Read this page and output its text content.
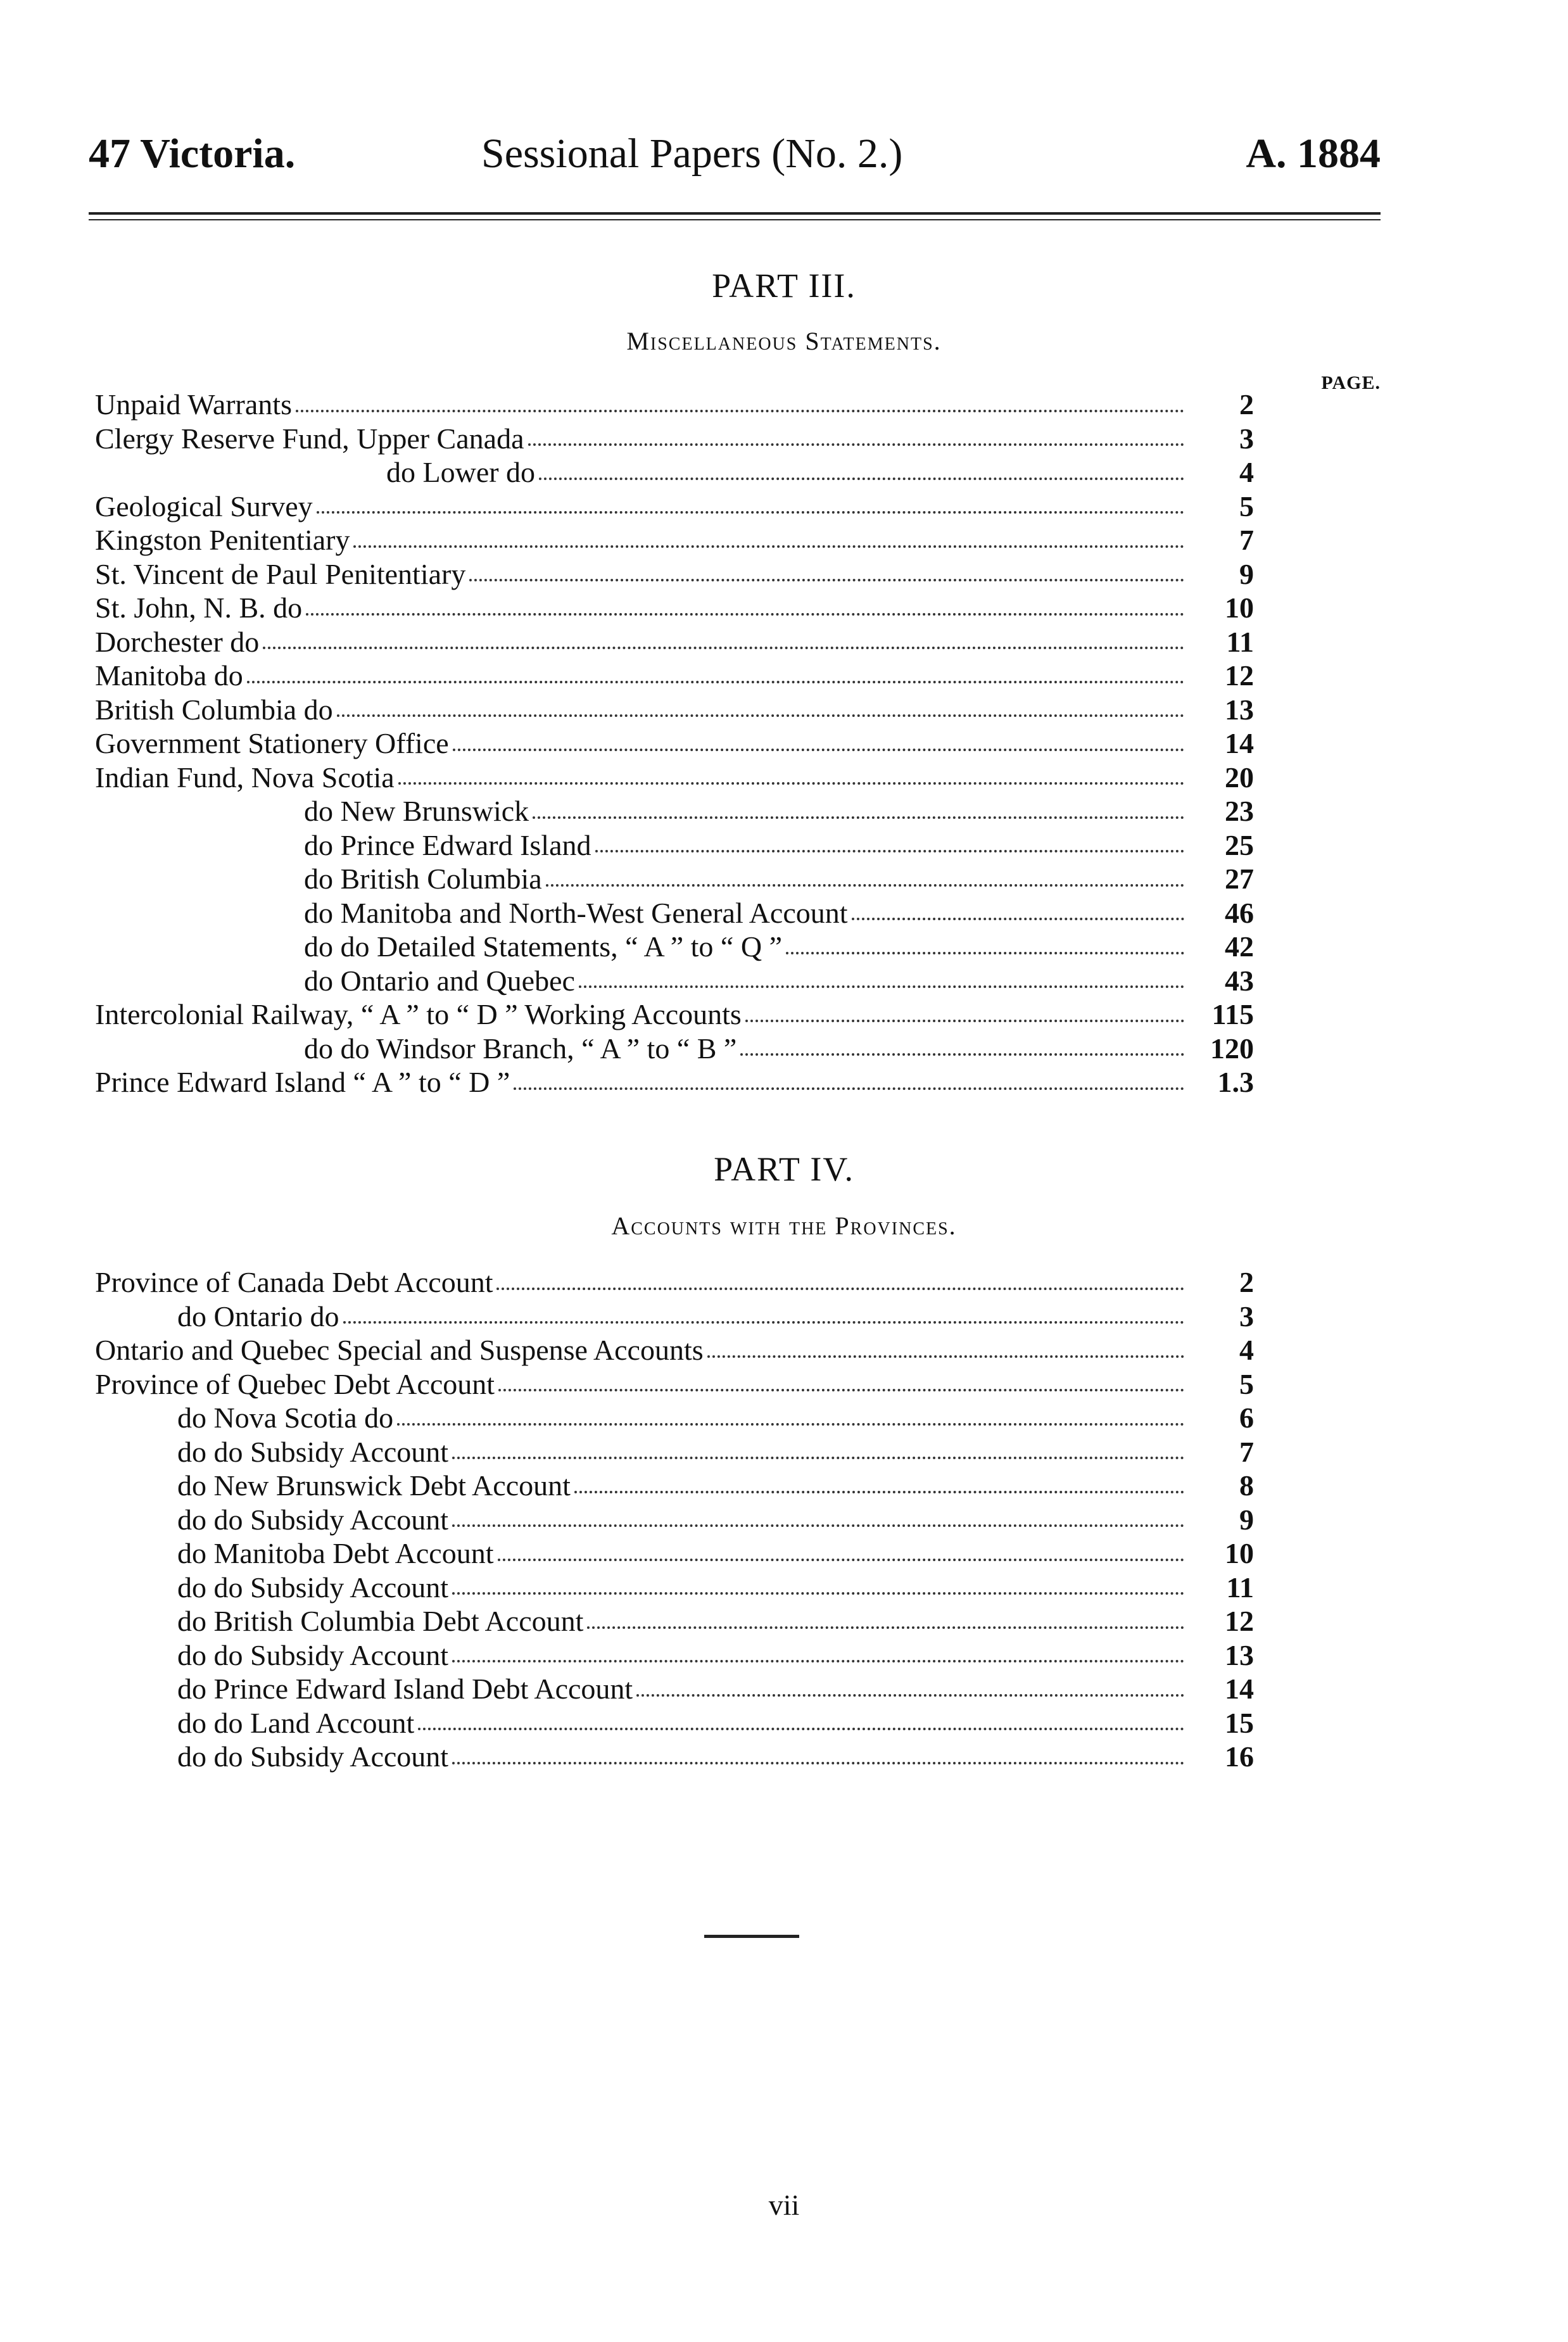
47 Victoria.	Sessional Papers (No. 2.)	A. 1884
PART III.
Miscellaneous Statements.
PAGE.
Unpaid Warrants	2
Clergy Reserve Fund, Upper Canada	3
do Lower do	4
Geological Survey	5
Kingston Penitentiary	7
St. Vincent de Paul Penitentiary	9
St. John, N. B. do	10
Dorchester do	11
Manitoba do	12
British Columbia do	13
Government Stationery Office	14
Indian Fund, Nova Scotia	20
do New Brunswick	23
do Prince Edward Island	25
do British Columbia	27
do Manitoba and North-West General Account	46
do do Detailed Statements, “ A ” to “ Q ”	42
do Ontario and Quebec	43
Intercolonial Railway, “ A ” to “ D ” Working Accounts	115
do do Windsor Branch, “ A ” to “ B ”	120
Prince Edward Island “ A ” to “ D ”	1.3
PART IV.
Accounts with the Provinces.
Province of Canada Debt Account	2
do Ontario do	3
Ontario and Quebec Special and Suspense Accounts	4
Province of Quebec Debt Account	5
do Nova Scotia do	6
do do Subsidy Account	7
do New Brunswick Debt Account	8
do do Subsidy Account	9
do Manitoba Debt Account	10
do do Subsidy Account	11
do British Columbia Debt Account	12
do do Subsidy Account	13
do Prince Edward Island Debt Account	14
do do Land Account	15
do do Subsidy Account	16
vii
